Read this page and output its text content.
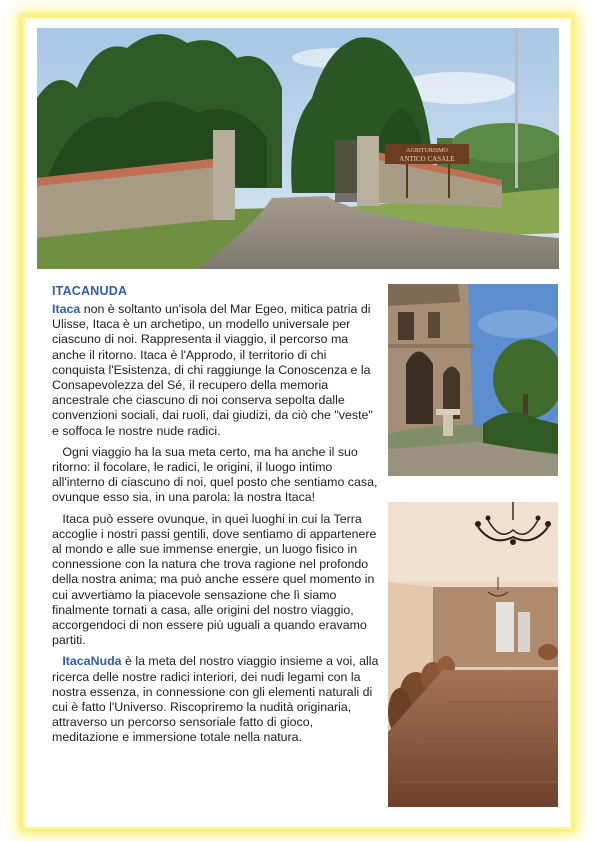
AGRITURISMO
ANTICO CASALE
ITACANUDA

Itaca non è soltanto un'isola del Mar Egeo, mitica patria di Ulisse, Itaca è un archetipo, un modello universale per ciascuno di noi. Rappresenta il viaggio, il percorso ma anche il ritorno. Itaca è l'Approdo, il territorio di chi conquista l'Esistenza, di chi raggiunge la Conoscenza e la Consapevolezza del Sé, il recupero della memoria ancestrale che ciascuno di noi conserva sepolta dalle convenzioni sociali, dai ruoli, dai giudizi, da ciò che "veste" e soffoca le nostre nude radici.

Ogni viaggio ha la sua meta certo, ma ha anche il suo ritorno: il focolare, le radici, le origini, il luogo intimo all'interno di ciascuno di noi, quel posto che sentiamo casa, ovunque esso sia, in una parola: la nostra Itaca!

Itaca può essere ovunque, in quei luoghi in cui la Terra accoglie i nostri passi gentili, dove sentiamo di appartenere al mondo e alle sue immense energie, un luogo fisico in connessione con la natura che trova ragione nel profondo della nostra anima; ma può anche essere quel momento in cui avvertiamo la piacevole sensazione che lì siamo finalmente tornati a casa, alle origini del nostro viaggio, accorgendoci di non essere più uguali a quando eravamo partiti.

ItacaNuda è la meta del nostro viaggio insieme a voi, alla ricerca delle nostre radici interiori, dei nudi legami con la nostra essenza, in connessione con gli elementi naturali di cui è fatto l'Universo. Riscopriremo la nudità originaria, attraverso un percorso sensoriale fatto di gioco, meditazione e immersione totale nella natura.
